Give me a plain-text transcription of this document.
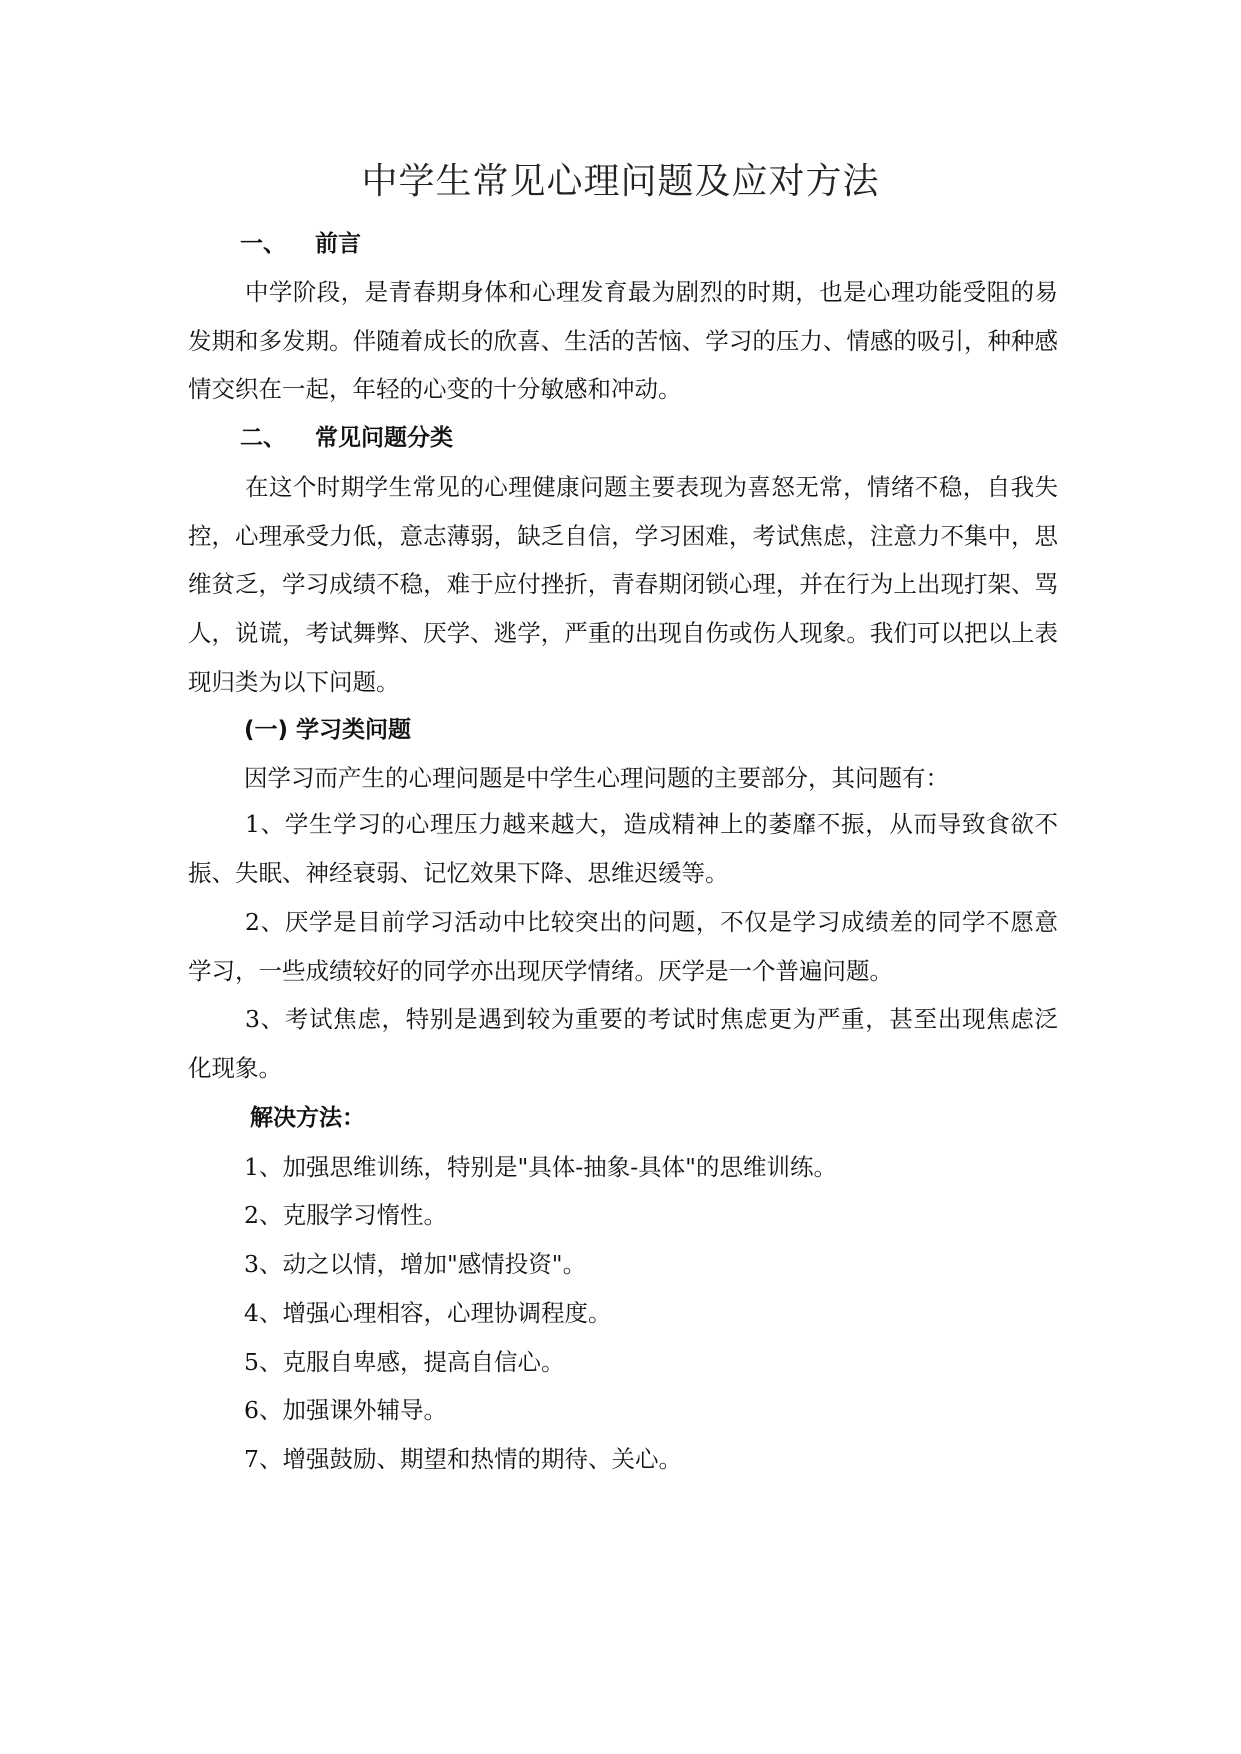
中学生常见心理问题及应对方法
一、 前言
中学阶段，是青春期身体和心理发育最为剧烈的时期，也是心理功能受阻的易发期和多发期。伴随着成长的欣喜、生活的苦恼、学习的压力、情感的吸引，种种感情交织在一起，年轻的心变的十分敏感和冲动。
二、 常见问题分类
在这个时期学生常见的心理健康问题主要表现为喜怒无常，情绪不稳，自我失控，心理承受力低，意志薄弱，缺乏自信，学习困难，考试焦虑，注意力不集中，思维贫乏，学习成绩不稳，难于应付挫折，青春期闭锁心理，并在行为上出现打架、骂人，说谎，考试舞弊、厌学、逃学，严重的出现自伤或伤人现象。我们可以把以上表现归类为以下问题。
(一) 学习类问题
因学习而产生的心理问题是中学生心理问题的主要部分，其问题有：
1、学生学习的心理压力越来越大，造成精神上的萎靡不振，从而导致食欲不振、失眠、神经衰弱、记忆效果下降、思维迟缓等。
2、厌学是目前学习活动中比较突出的问题，不仅是学习成绩差的同学不愿意学习，一些成绩较好的同学亦出现厌学情绪。厌学是一个普遍问题。
3、考试焦虑，特别是遇到较为重要的考试时焦虑更为严重，甚至出现焦虑泛化现象。
解决方法：
1、加强思维训练，特别是"具体-抽象-具体"的思维训练。
2、克服学习惰性。
3、动之以情，增加"感情投资"。
4、增强心理相容，心理协调程度。
5、克服自卑感，提高自信心。
6、加强课外辅导。
7、增强鼓励、期望和热情的期待、关心。
